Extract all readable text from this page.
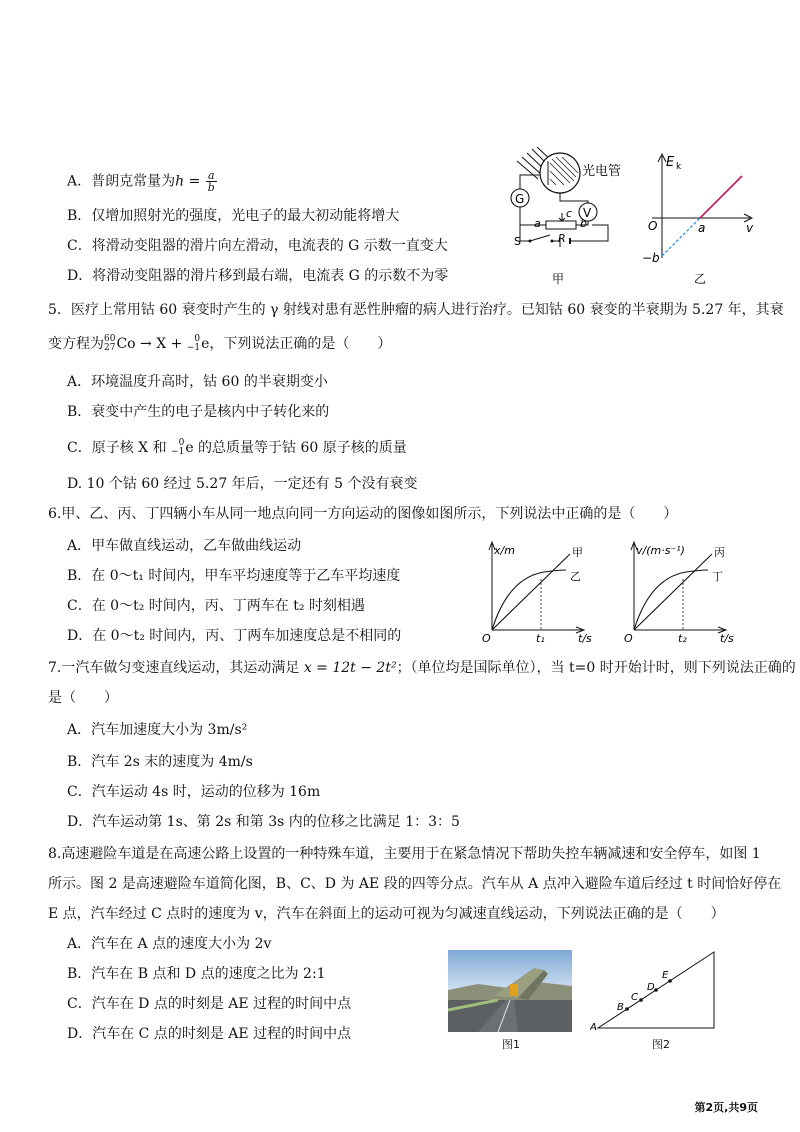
A．普朗克常量为$h = \frac{a}{b}$
B．仅增加照射光的强度，光电子的最大初动能将增大
C．将滑动变阻器的滑片向左滑动，电流表的 G 示数一直变大
D．将滑动变阻器的滑片移到最右端，电流表 G 的示数不为零
光电管
G
V
a	b
c
R
S
甲
E k
O	a	v
−b
乙
5．医疗上常用钴 60 衰变时产生的 γ 射线对患有恶性肿瘤的病人进行治疗。已知钴 60 衰变的半衰期为 5.27 年，其衰
变方程为 60
27 Co → X + 0
−1 e，下列说法正确的是（　　）
A．环境温度升高时，钴 60 的半衰期变小
B．衰变中产生的电子是核内中子转化来的
C．原子核 X 和 0
−1 e 的总质量等于钴 60 原子核的质量
D. 10 个钴 60 经过 5.27 年后，一定还有 5 个没有衰变
6.甲、乙、丙、丁四辆小车从同一地点向同一方向运动的图像如图所示，下列说法中正确的是（　　）
A．甲车做直线运动，乙车做曲线运动
B．在 0～t₁ 时间内，甲车平均速度等于乙车平均速度
C．在 0～t₂ 时间内，丙、丁两车在 t₂ 时刻相遇
D．在 0～t₂ 时间内，丙、丁两车加速度总是不相同的
x/m	甲
乙
O	t₁	t/s
v/(m·s⁻¹)	丙
丁
O	t₂	t/s
7.一汽车做匀变速直线运动，其运动满足 x = 12t − 2t²；（单位均是国际单位），当 t=0 时开始计时，则下列说法正确的
是（　　）
A．汽车加速度大小为 3m/s²
B．汽车 2s 末的速度为 4m/s
C．汽车运动 4s 时，运动的位移为 16m
D．汽车运动第 1s、第 2s 和第 3s 内的位移之比满足 1：3：5
8.高速避险车道是在高速公路上设置的一种特殊车道，主要用于在紧急情况下帮助失控车辆减速和安全停车，如图 1
所示。图 2 是高速避险车道简化图，B、C、D 为 AE 段的四等分点。汽车从 A 点冲入避险车道后经过 t 时间恰好停在
E 点，汽车经过 C 点时的速度为 v，汽车在斜面上的运动可视为匀减速直线运动，下列说法正确的是（　　）
A．汽车在 A 点的速度大小为 2v
B．汽车在 B 点和 D 点的速度之比为 2:1
C．汽车在 D 点的时刻是 AE 过程的时间中点
D．汽车在 C 点的时刻是 AE 过程的时间中点
图1
A
B
C
D
E
图2
第2页,共9页
